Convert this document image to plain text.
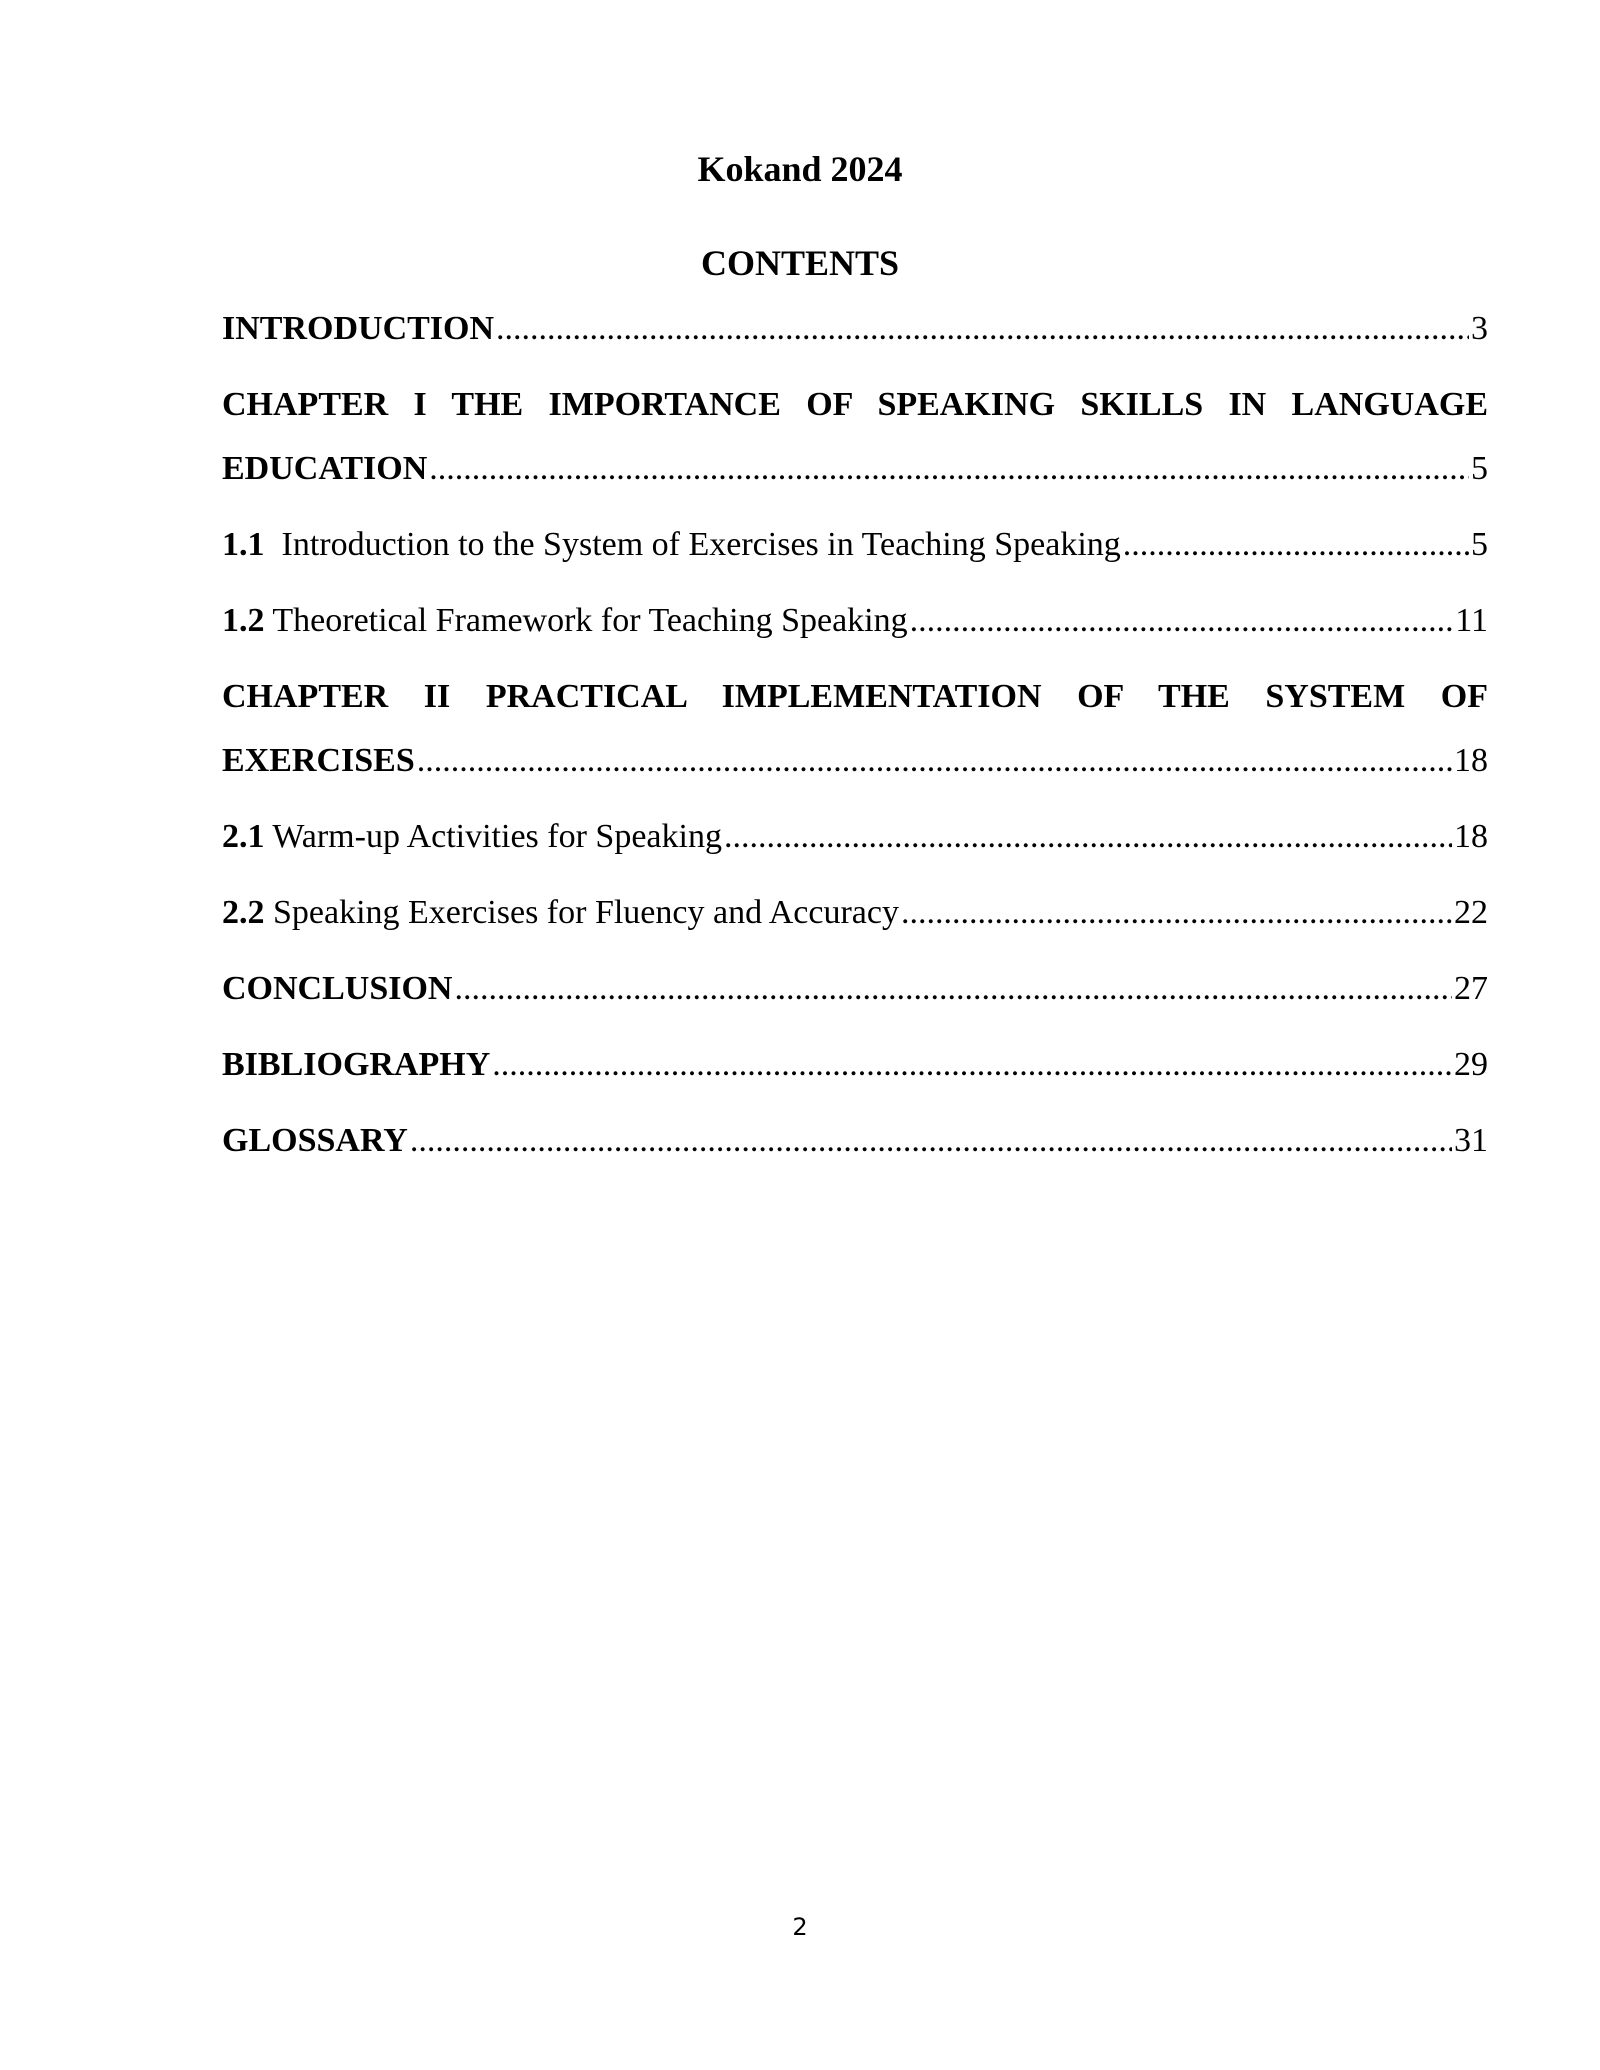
Kokand 2024
CONTENTS
INTRODUCTION .....	3
CHAPTER I THE IMPORTANCE OF SPEAKING SKILLS IN LANGUAGE
EDUCATION .....	5
1.1 Introduction to the System of Exercises in Teaching Speaking .....	5
1.2 Theoretical Framework for Teaching Speaking .....	11
CHAPTER II PRACTICAL IMPLEMENTATION OF THE SYSTEM OF
EXERCISES .....	18
2.1 Warm-up Activities for Speaking .....	18
2.2 Speaking Exercises for Fluency and Accuracy .....	22
CONCLUSION .....	27
BIBLIOGRAPHY .....	29
GLOSSARY .....	31
2
